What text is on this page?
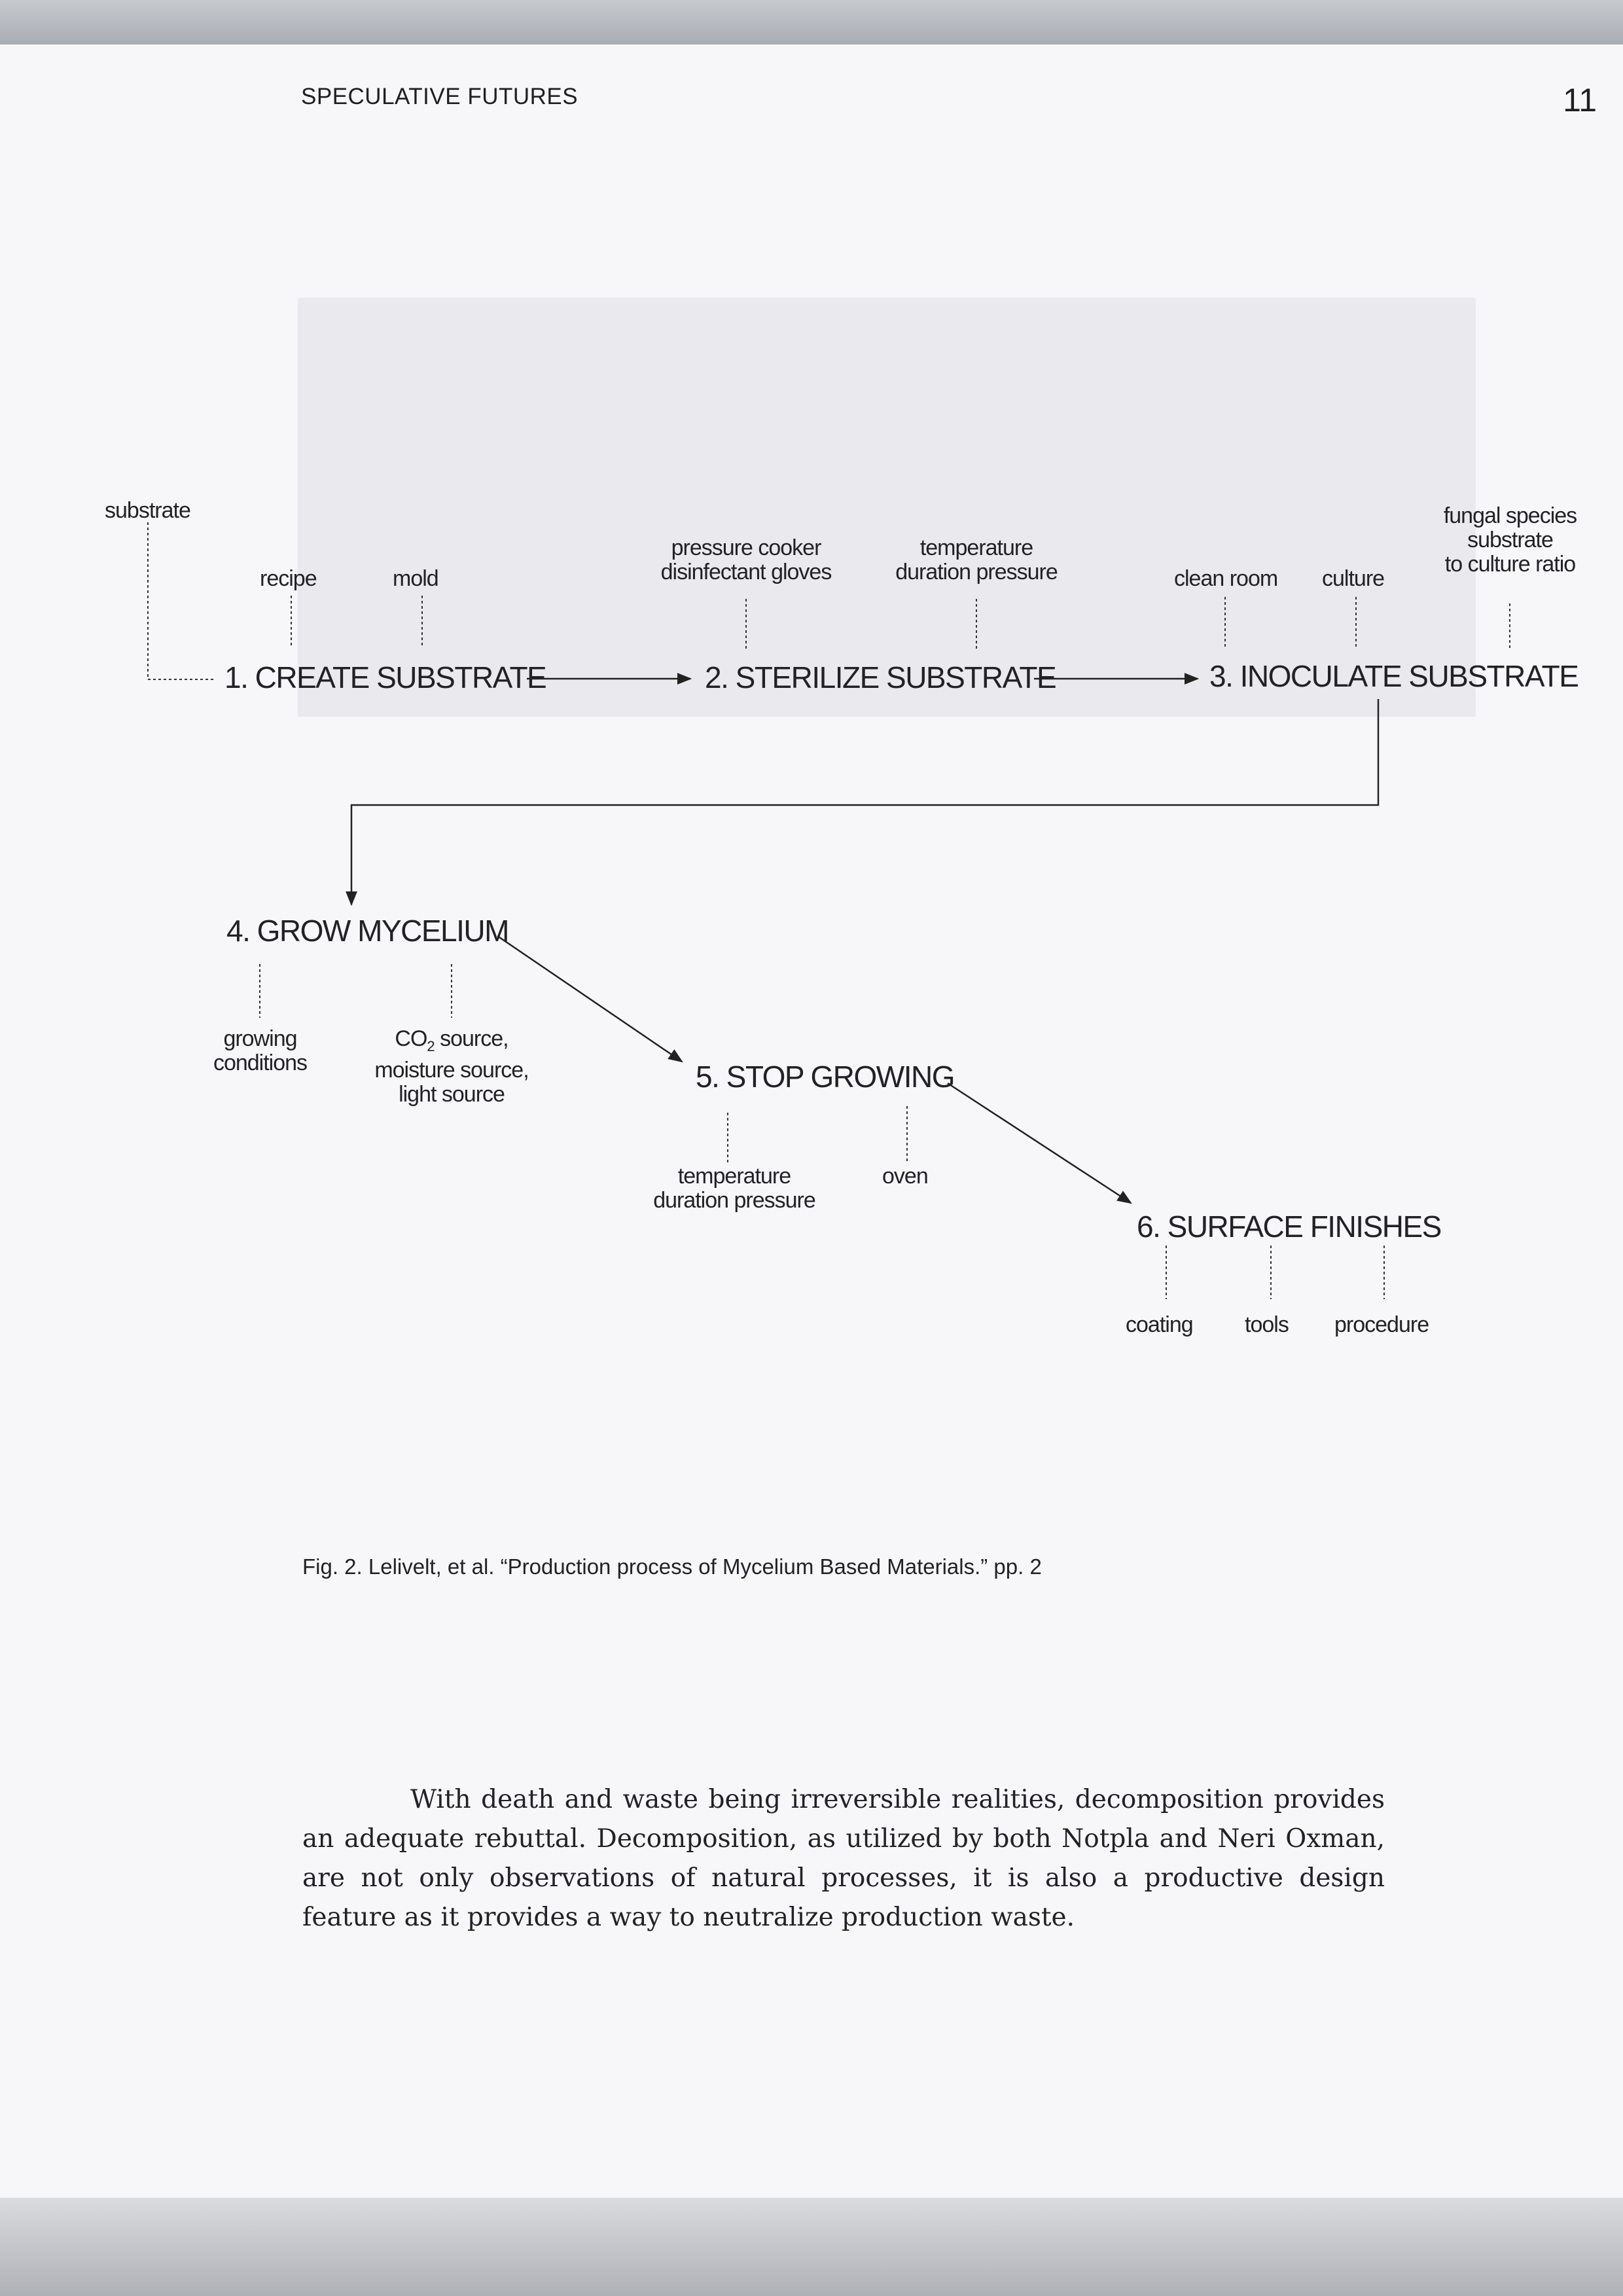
SPECULATIVE FUTURES	11
substrate
recipe	mold
pressure cooker
disinfectant gloves
temperature
duration pressure	clean room culture
fungal species
substrate
to culture ratio
1. CREATE SUBSTRATE	2. STERILIZE SUBSTRATE	3. INOCULATE SUBSTRATE
4. GROW MYCELIUM
5. STOP GROWING
6. SURFACE FINISHES
growing
conditions
$CO_2$ source,
moisture source,
light source
temperature
duration pressure
oven
coating tools procedure
Fig. 2. Lelivelt, et al. “Production process of Mycelium Based Materials.” pp. 2
With death and waste being irreversible realities, decomposition provides an adequate rebuttal. Decomposition, as utilized by both Notpla and Neri Oxman, are not only observations of natural processes, it is also a productive design feature as it provides a way to neutralize production waste.
